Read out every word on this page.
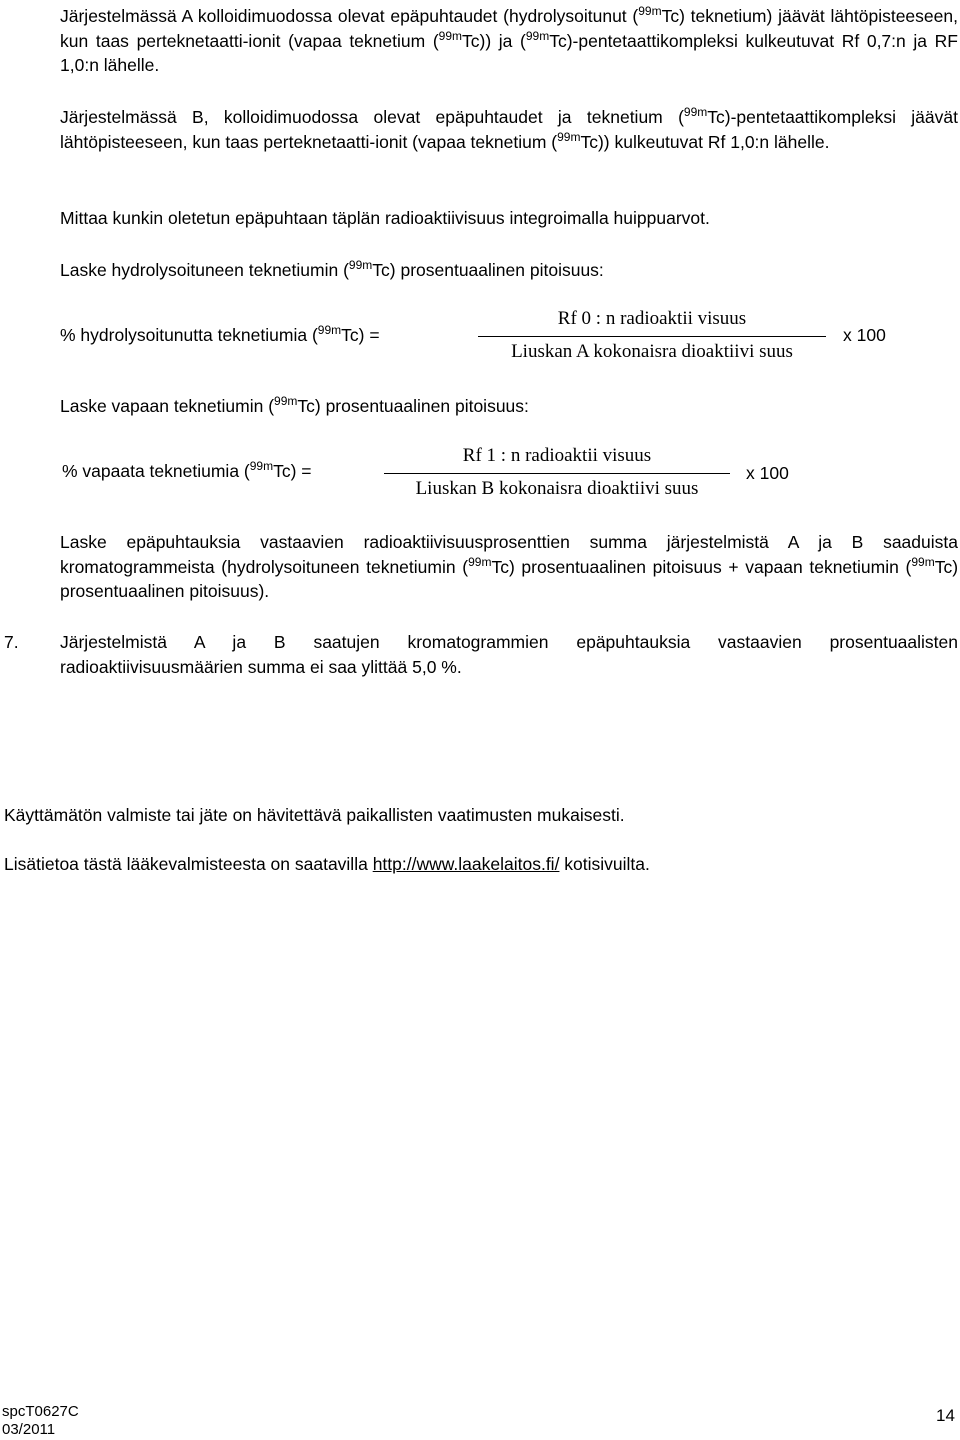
Järjestelmässä A kolloidimuodossa olevat epäpuhtaudet (hydrolysoitunut ($^{99m}$Tc) teknetium) jäävät lähtöpisteeseen, kun taas perteknetaatti-ionit (vapaa teknetium ($^{99m}$Tc)) ja ($^{99m}$Tc)-pentetaattikompleksi kulkeutuvat Rf 0,7:n ja RF 1,0:n lähelle.

Järjestelmässä B, kolloidimuodossa olevat epäpuhtaudet ja teknetium ($^{99m}$Tc)-pentetaattikompleksi jäävät lähtöpisteeseen, kun taas perteknetaatti-ionit (vapaa teknetium ($^{99m}$Tc)) kulkeutuvat Rf 1,0:n lähelle.

Mittaa kunkin oletetun epäpuhtaan täplän radioaktiivisuus integroimalla huippuarvot.

Laske hydrolysoituneen teknetiumin ($^{99m}$Tc) prosentuaalinen pitoisuus:

% hydrolysoitunutta teknetiumia ($^{99m}$Tc) =
Rf 0 : n radioaktii visuus
Liuskan A kokonaisra dioaktiivi suus
x 100

Laske vapaan teknetiumin ($^{99m}$Tc) prosentuaalinen pitoisuus:

% vapaata teknetiumia ($^{99m}$Tc) =
Rf 1 : n radioaktii visuus
Liuskan B kokonaisra dioaktiivi suus
x 100

Laske epäpuhtauksia vastaavien radioaktiivisuusprosenttien summa järjestelmistä A ja B saaduista kromatogrammeista (hydrolysoituneen teknetiumin ($^{99m}$Tc) prosentuaalinen pitoisuus + vapaan teknetiumin ($^{99m}$Tc) prosentuaalinen pitoisuus).

7. Järjestelmistä A ja B saatujen kromatogrammien epäpuhtauksia vastaavien prosentuaalisten radioaktiivisuusmäärien summa ei saa ylittää 5,0 %.

Käyttämätön valmiste tai jäte on hävitettävä paikallisten vaatimusten mukaisesti.

Lisätietoa tästä lääkevalmisteesta on saatavilla http://www.laakelaitos.fi/ kotisivuilta.

spcT0627C
03/2011
14
